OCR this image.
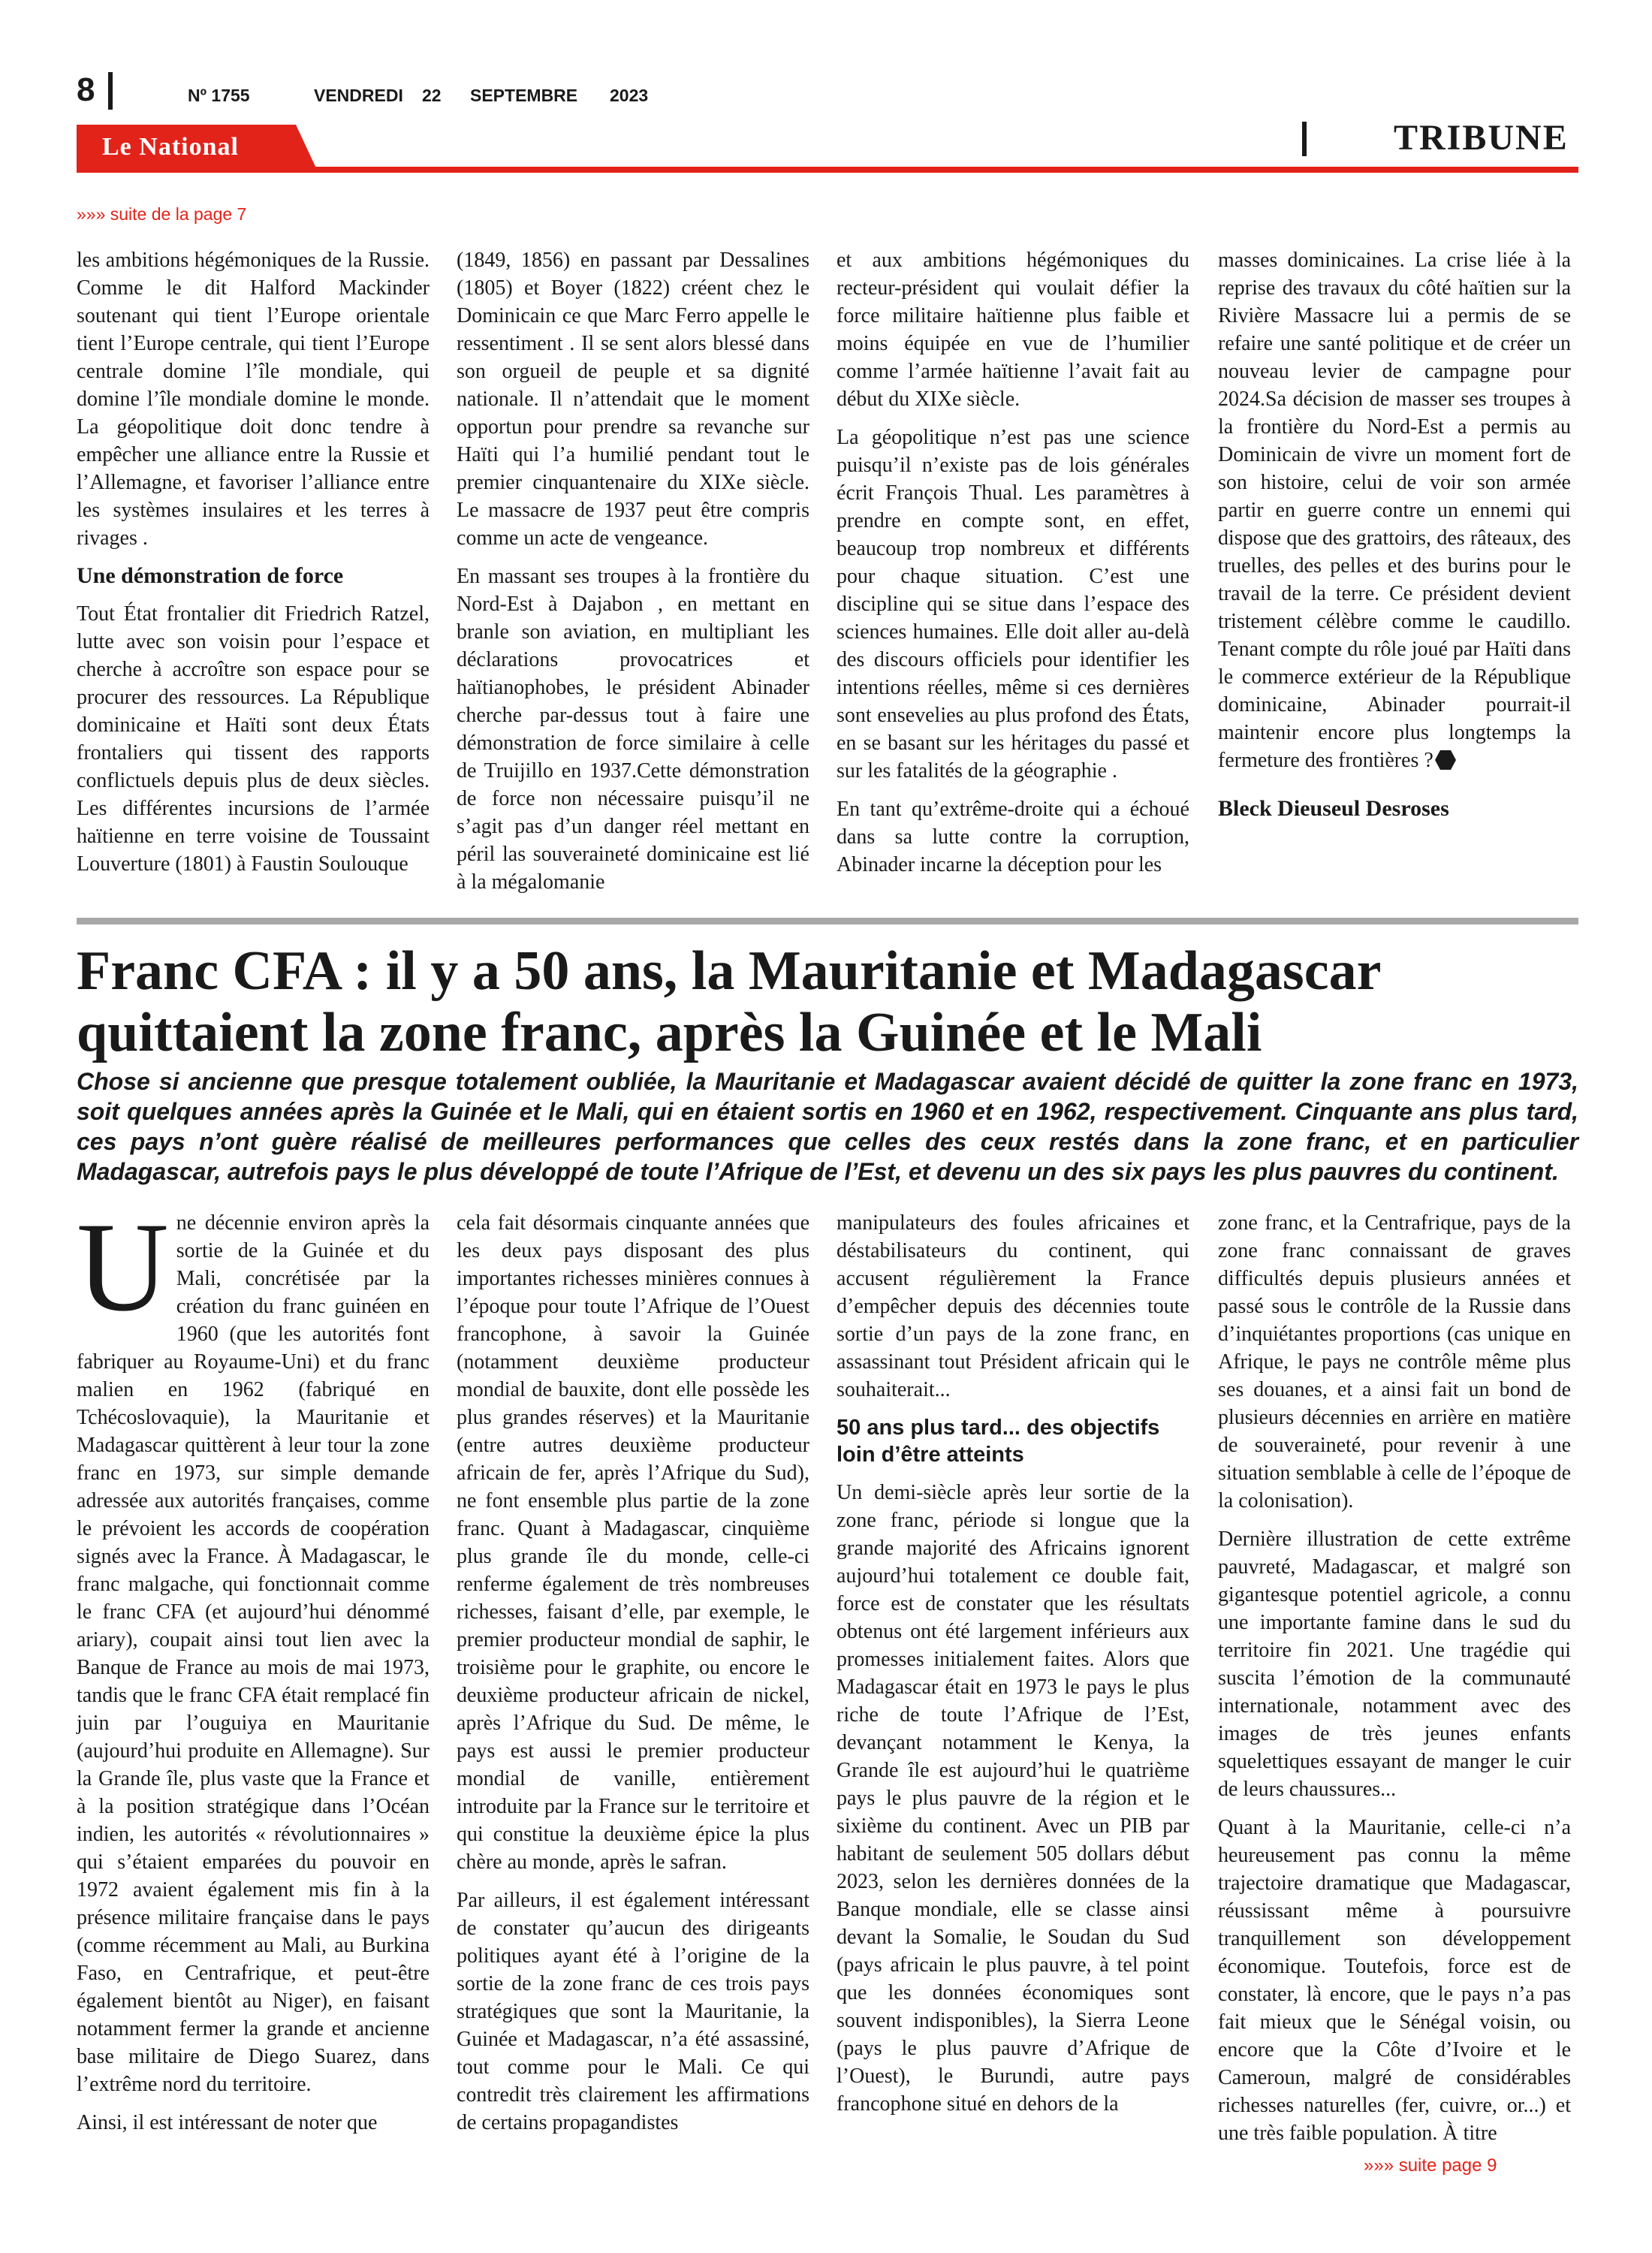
8	Nº 1755	VENDREDI 22 SEPTEMBRE 2023
Le National	TRIBUNE
»»» suite de la page 7

les ambitions hégémoniques de la Russie. Comme le dit Halford Mackinder soutenant qui tient l’Europe orientale tient l’Europe centrale, qui tient l’Europe centrale domine l’île mondiale, qui domine l’île mondiale domine le monde. La géopolitique doit donc tendre à empêcher une alliance entre la Russie et l’Allemagne, et favoriser l’alliance entre les systèmes insulaires et les terres à rivages .

Une démonstration de force

Tout État frontalier dit Friedrich Ratzel, lutte avec son voisin pour l’espace et cherche à accroître son espace pour se procurer des ressources. La République dominicaine et Haïti sont deux États frontaliers qui tissent des rapports conflictuels depuis plus de deux siècles. Les différentes incursions de l’armée haïtienne en terre voisine de Toussaint Louverture (1801) à Faustin Soulouque

(1849, 1856) en passant par Dessalines (1805) et Boyer (1822) créent chez le Dominicain ce que Marc Ferro appelle le ressentiment . Il se sent alors blessé dans son orgueil de peuple et sa dignité nationale. Il n’attendait que le moment opportun pour prendre sa revanche sur Haïti qui l’a humilié pendant tout le premier cinquantenaire du XIXe siècle. Le massacre de 1937 peut être compris comme un acte de vengeance.

En massant ses troupes à la frontière du Nord-Est à Dajabon , en mettant en branle son aviation, en multipliant les déclarations provocatrices et haïtianophobes, le président Abinader cherche par-dessus tout à faire une démonstration de force similaire à celle de Truijillo en 1937.Cette démonstration de force non nécessaire puisqu’il ne s’agit pas d’un danger réel mettant en péril las souveraineté dominicaine est lié à la mégalomanie

et aux ambitions hégémoniques du recteur-président qui voulait défier la force militaire haïtienne plus faible et moins équipée en vue de l’humilier comme l’armée haïtienne l’avait fait au début du XIXe siècle.

La géopolitique n’est pas une science puisqu’il n’existe pas de lois générales écrit François Thual. Les paramètres à prendre en compte sont, en effet, beaucoup trop nombreux et différents pour chaque situation. C’est une discipline qui se situe dans l’espace des sciences humaines. Elle doit aller au-delà des discours officiels pour identifier les intentions réelles, même si ces dernières sont ensevelies au plus profond des États, en se basant sur les héritages du passé et sur les fatalités de la géographie .

En tant qu’extrême-droite qui a échoué dans sa lutte contre la corruption, Abinader incarne la déception pour les

masses dominicaines. La crise liée à la reprise des travaux du côté haïtien sur la Rivière Massacre lui a permis de se refaire une santé politique et de créer un nouveau levier de campagne pour 2024.Sa décision de masser ses troupes à la frontière du Nord-Est a permis au Dominicain de vivre un moment fort de son histoire, celui de voir son armée partir en guerre contre un ennemi qui dispose que des grattoirs, des râteaux, des truelles, des pelles et des burins pour le travail de la terre. Ce président devient tristement célèbre comme le caudillo. Tenant compte du rôle joué par Haïti dans le commerce extérieur de la République dominicaine, Abinader pourrait-il maintenir encore plus longtemps la fermeture des frontières ?

Bleck Dieuseul Desroses

Franc CFA : il y a 50 ans, la Mauritanie et Madagascar
quittaient la zone franc, après la Guinée et le Mali
Chose si ancienne que presque totalement oubliée, la Mauritanie et Madagascar avaient décidé de quitter la zone franc en 1973, soit quelques années après la Guinée et le Mali, qui en étaient sortis en 1960 et en 1962, respectivement. Cinquante ans plus tard, ces pays n’ont guère réalisé de meilleures performances que celles des ceux restés dans la zone franc, et en particulier Madagascar, autrefois pays le plus développé de toute l’Afrique de l’Est, et devenu un des six pays les plus pauvres du continent.

Une décennie environ après la sortie de la Guinée et du Mali, concrétisée par la création du franc guinéen en 1960 (que les autorités font fabriquer au Royaume-Uni) et du franc malien en 1962 (fabriqué en Tchécoslovaquie), la Mauritanie et Madagascar quittèrent à leur tour la zone franc en 1973, sur simple demande adressée aux autorités françaises, comme le prévoient les accords de coopération signés avec la France. À Madagascar, le franc malgache, qui fonctionnait comme le franc CFA (et aujourd’hui dénommé ariary), coupait ainsi tout lien avec la Banque de France au mois de mai 1973, tandis que le franc CFA était remplacé fin juin par l’ouguiya en Mauritanie (aujourd’hui produite en Allemagne). Sur la Grande île, plus vaste que la France et à la position stratégique dans l’Océan indien, les autorités « révolutionnaires » qui s’étaient emparées du pouvoir en 1972 avaient également mis fin à la présence militaire française dans le pays (comme récemment au Mali, au Burkina Faso, en Centrafrique, et peut-être également bientôt au Niger), en faisant notamment fermer la grande et ancienne base militaire de Diego Suarez, dans l’extrême nord du territoire.

Ainsi, il est intéressant de noter que

cela fait désormais cinquante années que les deux pays disposant des plus importantes richesses minières connues à l’époque pour toute l’Afrique de l’Ouest francophone, à savoir la Guinée (notamment deuxième producteur mondial de bauxite, dont elle possède les plus grandes réserves) et la Mauritanie (entre autres deuxième producteur africain de fer, après l’Afrique du Sud), ne font ensemble plus partie de la zone franc. Quant à Madagascar, cinquième plus grande île du monde, celle-ci renferme également de très nombreuses richesses, faisant d’elle, par exemple, le premier producteur mondial de saphir, le troisième pour le graphite, ou encore le deuxième producteur africain de nickel, après l’Afrique du Sud. De même, le pays est aussi le premier producteur mondial de vanille, entièrement introduite par la France sur le territoire et qui constitue la deuxième épice la plus chère au monde, après le safran.

Par ailleurs, il est également intéressant de constater qu’aucun des dirigeants politiques ayant été à l’origine de la sortie de la zone franc de ces trois pays stratégiques que sont la Mauritanie, la Guinée et Madagascar, n’a été assassiné, tout comme pour le Mali. Ce qui contredit très clairement les affirmations de certains propagandistes

manipulateurs des foules africaines et déstabilisateurs du continent, qui accusent régulièrement la France d’empêcher depuis des décennies toute sortie d’un pays de la zone franc, en assassinant tout Président africain qui le souhaiterait...

50 ans plus tard... des objectifs loin d’être atteints

Un demi-siècle après leur sortie de la zone franc, période si longue que la grande majorité des Africains ignorent aujourd’hui totalement ce double fait, force est de constater que les résultats obtenus ont été largement inférieurs aux promesses initialement faites. Alors que Madagascar était en 1973 le pays le plus riche de toute l’Afrique de l’Est, devançant notamment le Kenya, la Grande île est aujourd’hui le quatrième pays le plus pauvre de la région et le sixième du continent. Avec un PIB par habitant de seulement 505 dollars début 2023, selon les dernières données de la Banque mondiale, elle se classe ainsi devant la Somalie, le Soudan du Sud (pays africain le plus pauvre, à tel point que les données économiques sont souvent indisponibles), la Sierra Leone (pays le plus pauvre d’Afrique de l’Ouest), le Burundi, autre pays francophone situé en dehors de la

zone franc, et la Centrafrique, pays de la zone franc connaissant de graves difficultés depuis plusieurs années et passé sous le contrôle de la Russie dans d’inquiétantes proportions (cas unique en Afrique, le pays ne contrôle même plus ses douanes, et a ainsi fait un bond de plusieurs décennies en arrière en matière de souveraineté, pour revenir à une situation semblable à celle de l’époque de la colonisation).

Dernière illustration de cette extrême pauvreté, Madagascar, et malgré son gigantesque potentiel agricole, a connu une importante famine dans le sud du territoire fin 2021. Une tragédie qui suscita l’émotion de la communauté internationale, notamment avec des images de très jeunes enfants squelettiques essayant de manger le cuir de leurs chaussures...

Quant à la Mauritanie, celle-ci n’a heureusement pas connu la même trajectoire dramatique que Madagascar, réussissant même à poursuivre tranquillement son développement économique. Toutefois, force est de constater, là encore, que le pays n’a pas fait mieux que le Sénégal voisin, ou encore que la Côte d’Ivoire et le Cameroun, malgré de considérables richesses naturelles (fer, cuivre, or...) et une très faible population. À titre

»»» suite page 9
